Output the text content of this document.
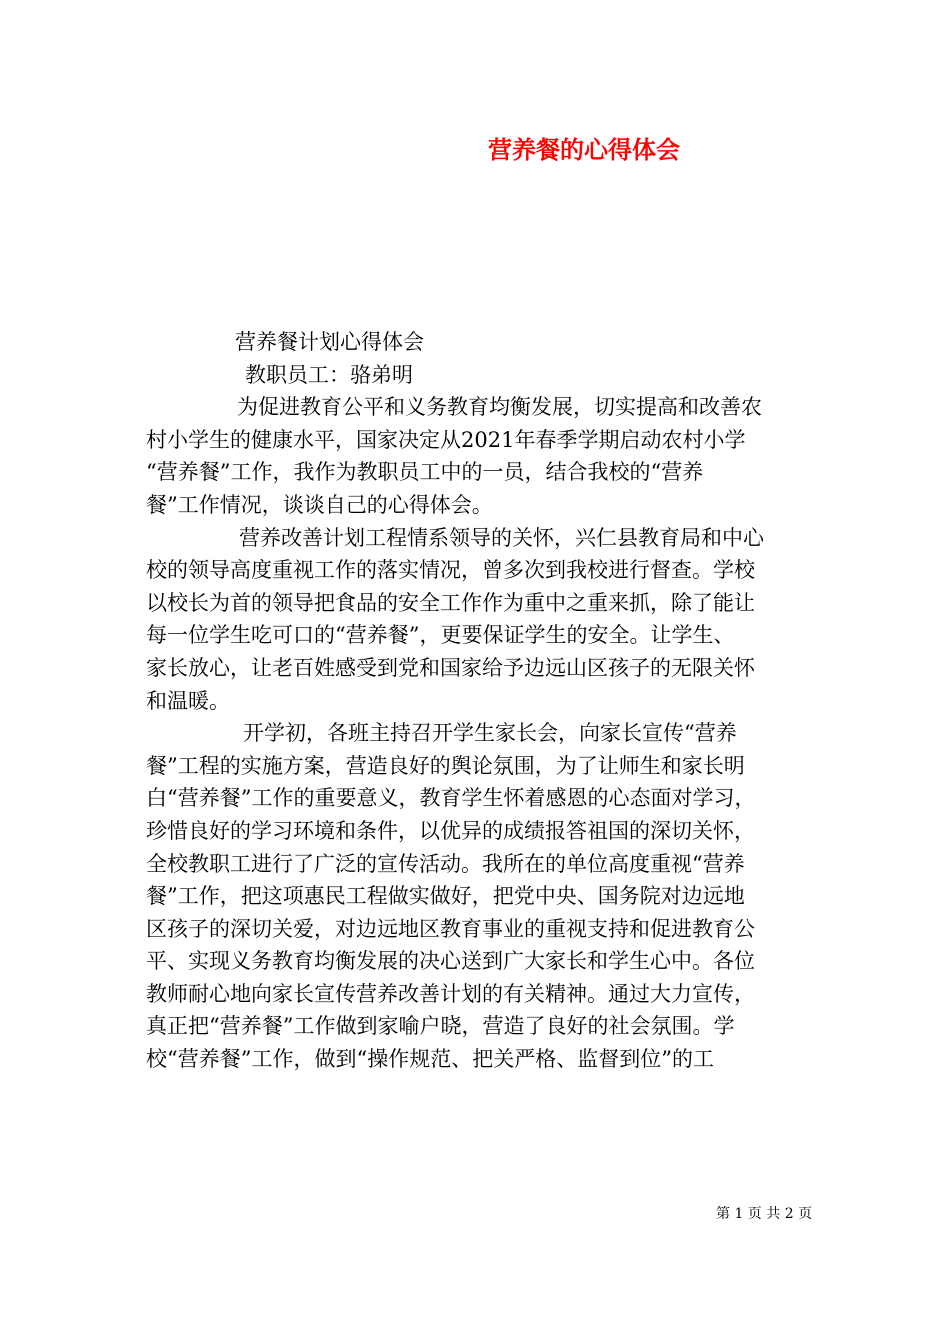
营养餐的心得体会
营养餐计划心得体会
教职员工：骆弟明
为促进教育公平和义务教育均衡发展，切实提高和改善农
村小学生的健康水平，国家决定从2021年春季学期启动农村小学
“营养餐”工作，我作为教职员工中的一员，结合我校的“营养
餐”工作情况，谈谈自己的心得体会。
营养改善计划工程情系领导的关怀，兴仁县教育局和中心
校的领导高度重视工作的落实情况，曾多次到我校进行督查。学校
以校长为首的领导把食品的安全工作作为重中之重来抓，除了能让
每一位学生吃可口的“营养餐”，更要保证学生的安全。让学生、
家长放心，让老百姓感受到党和国家给予边远山区孩子的无限关怀
和温暖。
开学初，各班主持召开学生家长会，向家长宣传“营养
餐”工程的实施方案，营造良好的舆论氛围，为了让师生和家长明
白“营养餐”工作的重要意义，教育学生怀着感恩的心态面对学习，
珍惜良好的学习环境和条件，以优异的成绩报答祖国的深切关怀，
全校教职工进行了广泛的宣传活动。我所在的单位高度重视“营养
餐”工作，把这项惠民工程做实做好，把党中央、国务院对边远地
区孩子的深切关爱，对边远地区教育事业的重视支持和促进教育公
平、实现义务教育均衡发展的决心送到广大家长和学生心中。各位
教师耐心地向家长宣传营养改善计划的有关精神。通过大力宣传，
真正把“营养餐”工作做到家喻户晓，营造了良好的社会氛围。学
校“营养餐”工作，做到“操作规范、把关严格、监督到位”的工
第 1 页 共 2 页
